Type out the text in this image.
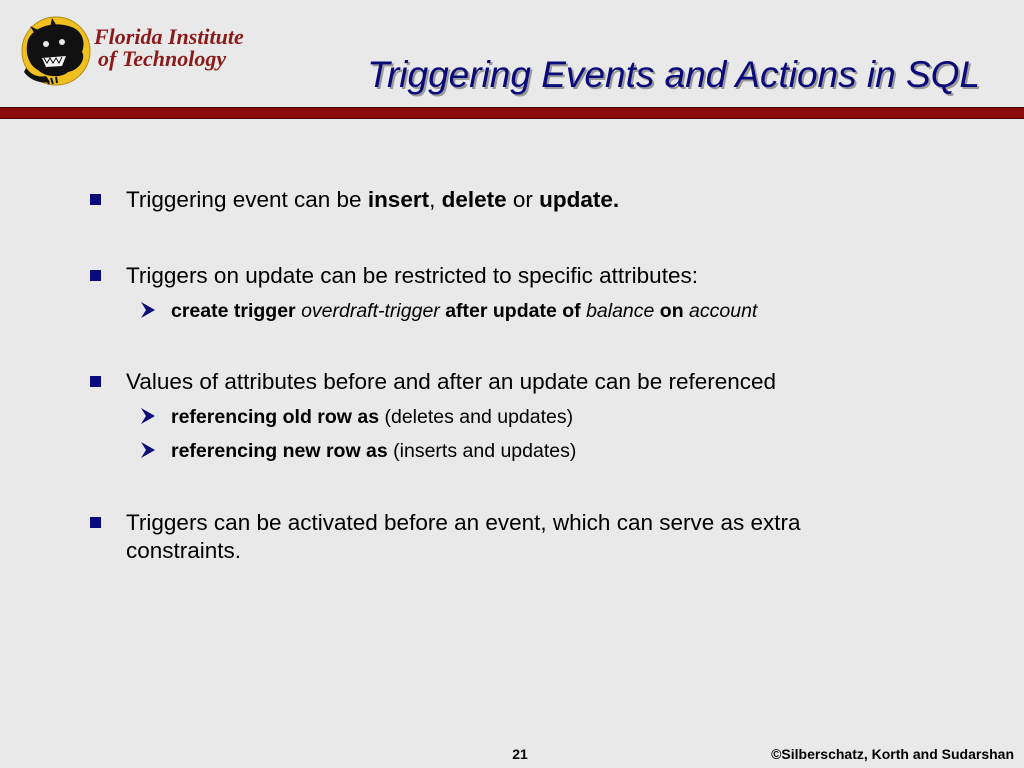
Florida Institute
of Technology	Triggering Events and Actions in SQL
Triggering event can be insert, delete or update.
Triggers on update can be restricted to specific attributes:
create trigger overdraft-trigger after update of balance on account
Values of attributes before and after an update can be referenced
referencing old row as (deletes and updates)
referencing new row as (inserts and updates)
Triggers can be activated before an event, which can serve as extra constraints.
21	©Silberschatz, Korth and Sudarshan
